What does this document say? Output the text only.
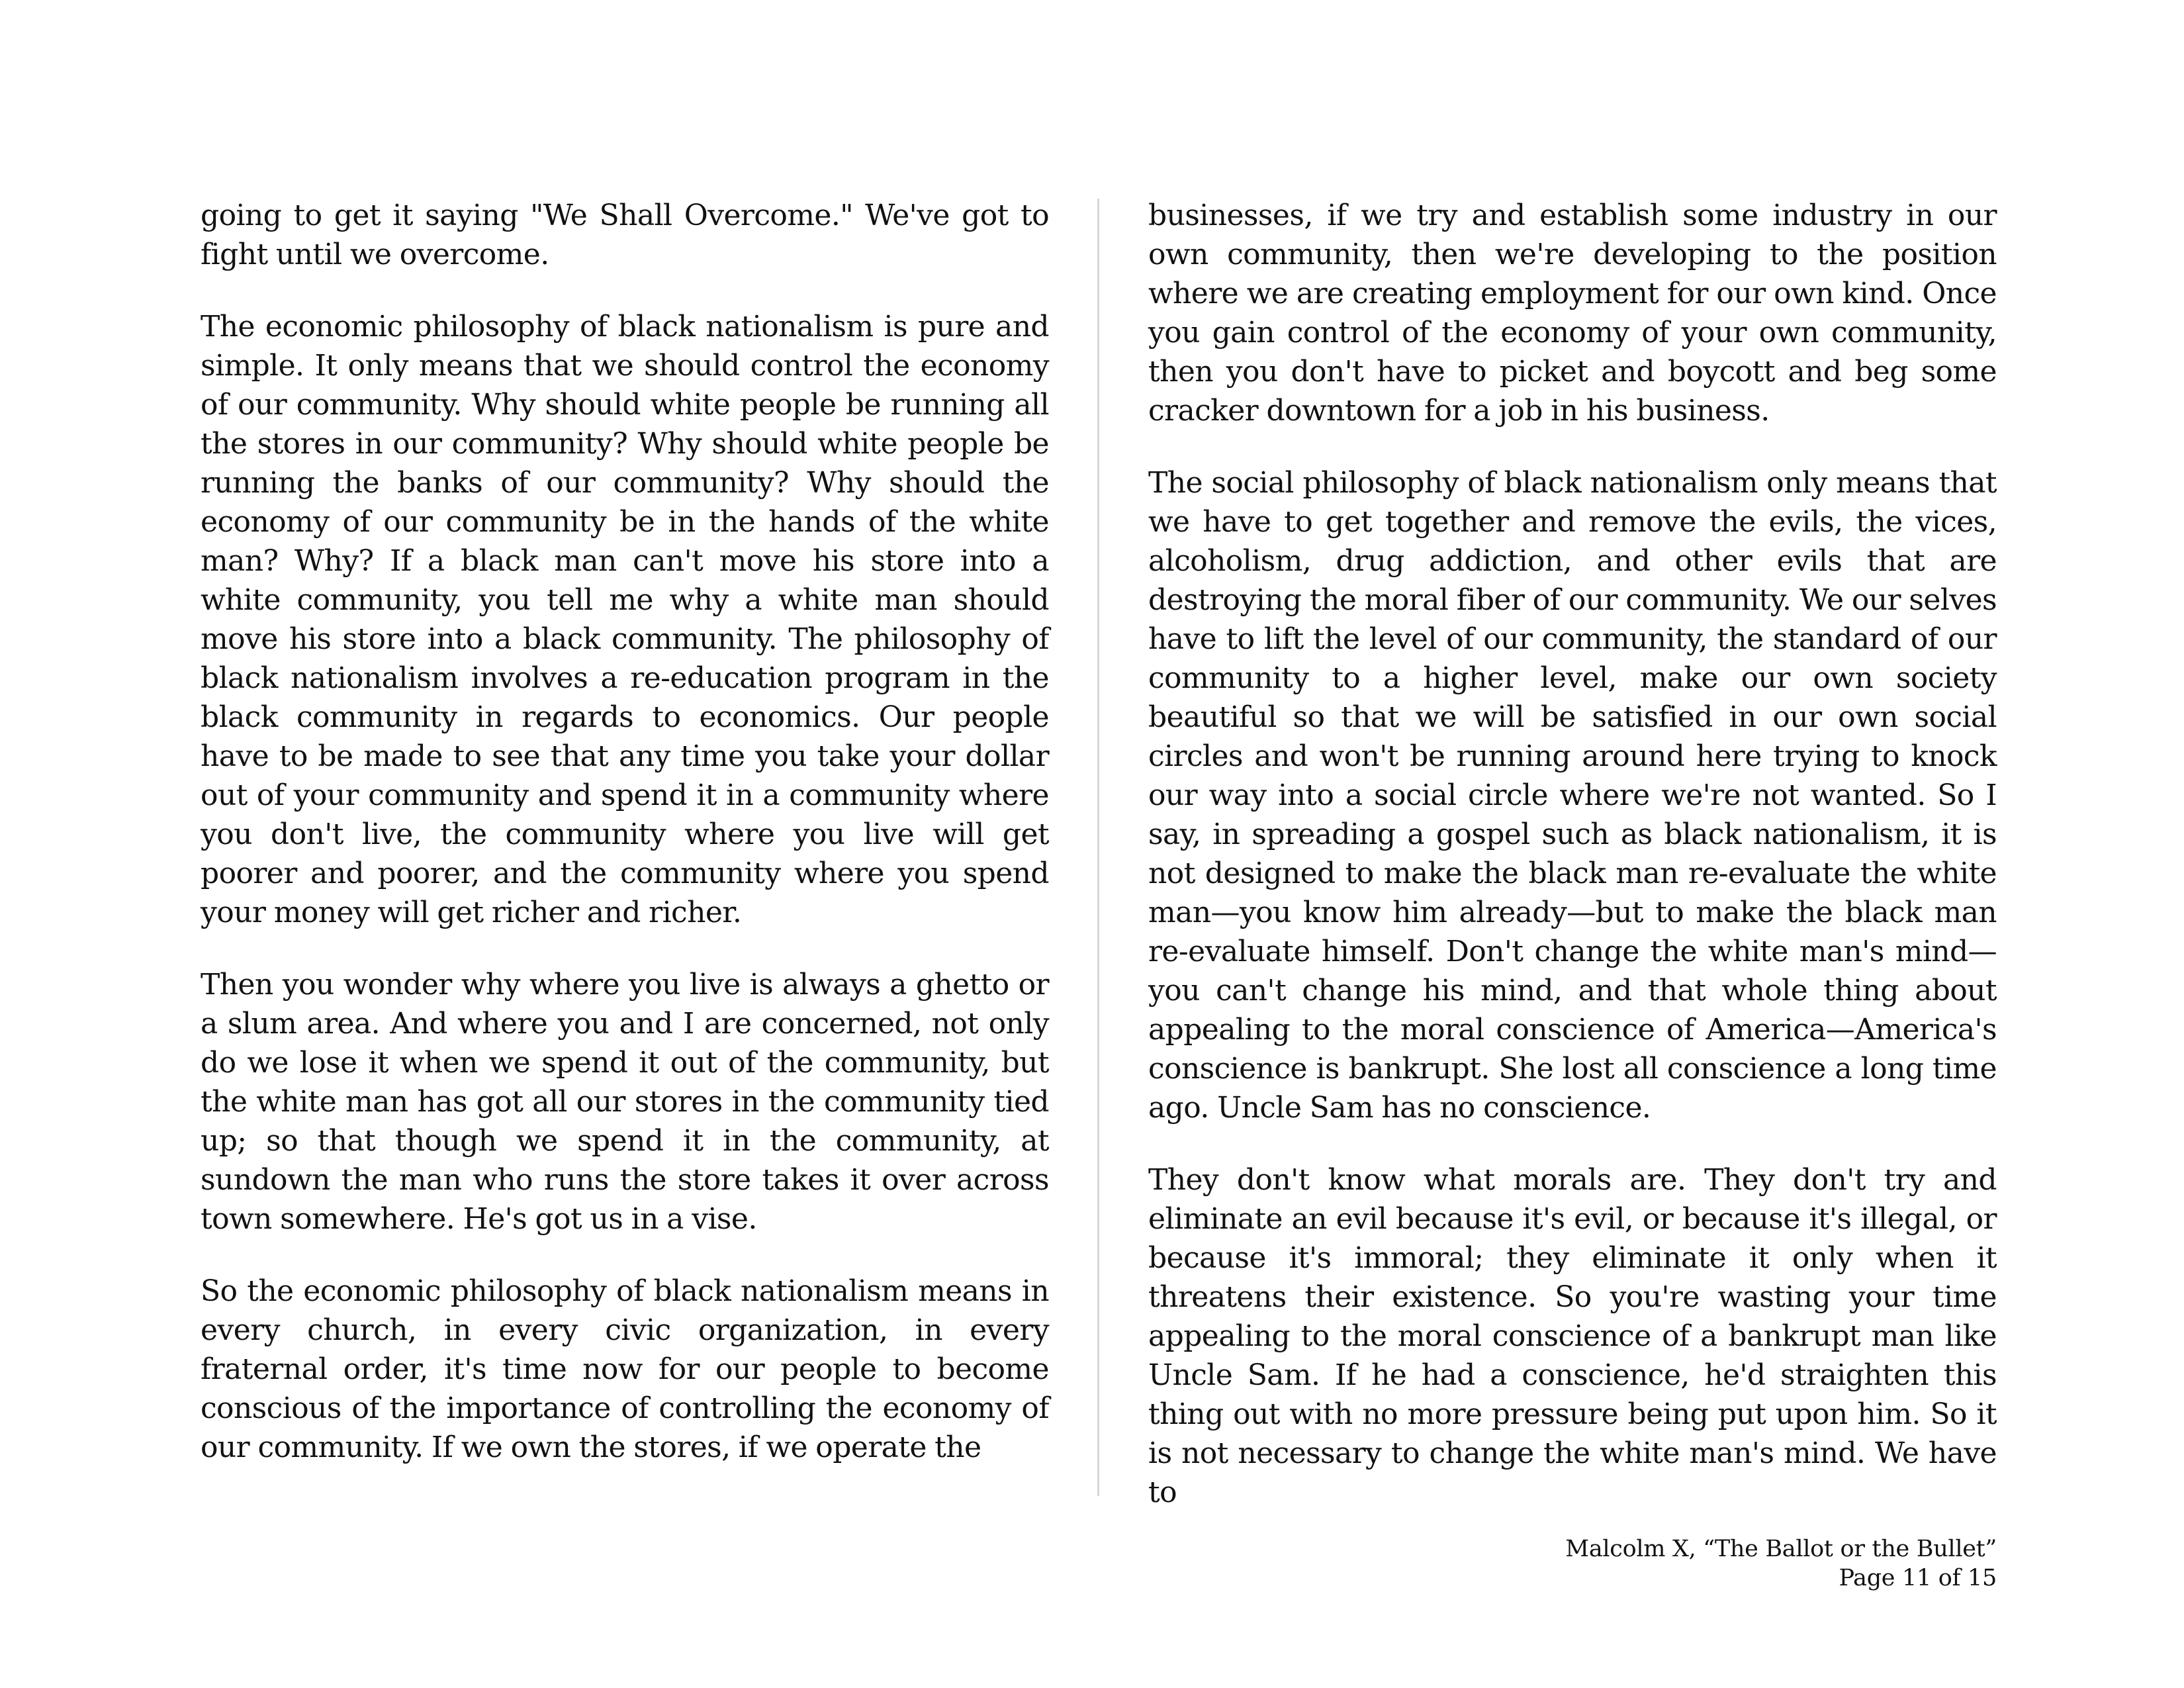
going to get it saying "We Shall Overcome." We've got to fight until we overcome.

The economic philosophy of black nationalism is pure and simple. It only means that we should control the economy of our community. Why should white people be running all the stores in our community? Why should white people be running the banks of our community? Why should the economy of our community be in the hands of the white man? Why? If a black man can't move his store into a white community, you tell me why a white man should move his store into a black community. The philosophy of black nationalism involves a re-education program in the black community in regards to economics. Our people have to be made to see that any time you take your dollar out of your community and spend it in a community where you don't live, the community where you live will get poorer and poorer, and the community where you spend your money will get richer and richer.

Then you wonder why where you live is always a ghetto or a slum area. And where you and I are concerned, not only do we lose it when we spend it out of the community, but the white man has got all our stores in the community tied up; so that though we spend it in the community, at sundown the man who runs the store takes it over across town somewhere. He's got us in a vise.

So the economic philosophy of black nationalism means in every church, in every civic organization, in every fraternal order, it's time now for our people to become conscious of the importance of controlling the economy of our community. If we own the stores, if we operate the

businesses, if we try and establish some industry in our own community, then we're developing to the position where we are creating employment for our own kind. Once you gain control of the economy of your own community, then you don't have to picket and boycott and beg some cracker downtown for a job in his business.

The social philosophy of black nationalism only means that we have to get together and remove the evils, the vices, alcoholism, drug addiction, and other evils that are destroying the moral fiber of our community. We our selves have to lift the level of our community, the standard of our community to a higher level, make our own society beautiful so that we will be satisfied in our own social circles and won't be running around here trying to knock our way into a social circle where we're not wanted. So I say, in spreading a gospel such as black nationalism, it is not designed to make the black man re-evaluate the white man—you know him already—but to make the black man re-evaluate himself. Don't change the white man's mind—you can't change his mind, and that whole thing about appealing to the moral conscience of America—America's conscience is bankrupt. She lost all conscience a long time ago. Uncle Sam has no conscience.

They don't know what morals are. They don't try and eliminate an evil because it's evil, or because it's illegal, or because it's immoral; they eliminate it only when it threatens their existence. So you're wasting your time appealing to the moral conscience of a bankrupt man like Uncle Sam. If he had a conscience, he'd straighten this thing out with no more pressure being put upon him. So it is not necessary to change the white man's mind. We have to

Malcolm X, “The Ballot or the Bullet”
Page 11 of 15
